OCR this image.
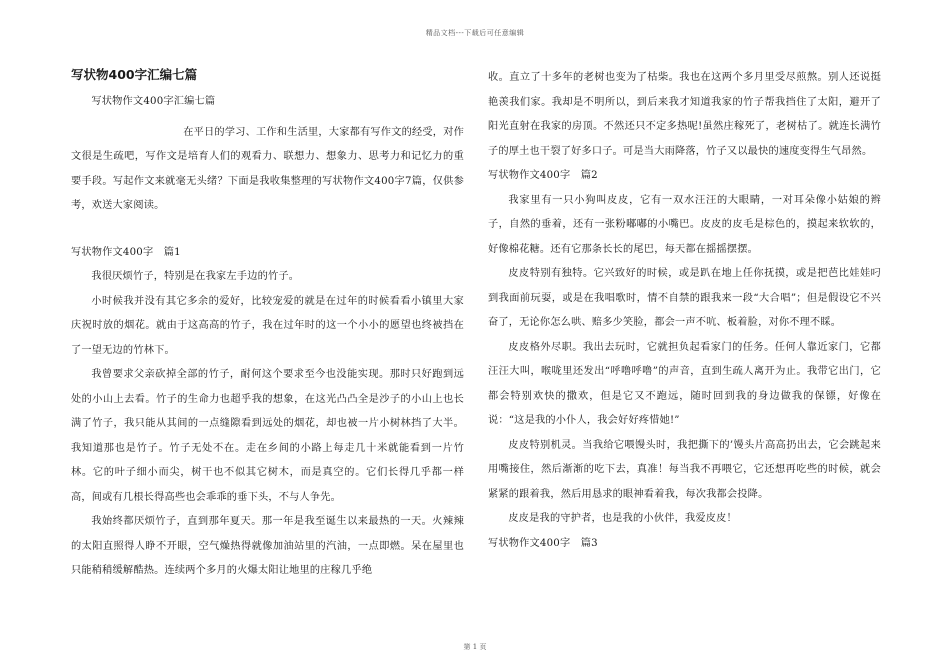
精品文档---下载后可任意编辑
写状物400字汇编七篇

写状物作文400字汇编七篇

在平日的学习、工作和生活里，大家都有写作文的经受，对作文很是生疏吧，写作文是培育人们的观看力、联想力、想象力、思考力和记忆力的重要手段。写起作文来就毫无头绪？下面是我收集整理的写状物作文400字7篇，仅供参考，欢送大家阅读。

写状物作文400字　篇1

我很厌烦竹子，特别是在我家左手边的竹子。

小时候我并没有其它多余的爱好，比较宠爱的就是在过年的时候看看小镇里大家庆祝时放的烟花。就由于这高高的竹子，我在过年时的这一个小小的愿望也终被挡在了一望无边的竹林下。

我曾要求父亲砍掉全部的竹子，耐何这个要求至今也没能实现。那时只好跑到远处的小山上去看。竹子的生命力也超乎我的想象，在这光凸凸全是沙子的小山上也长满了竹子，我只能从其间的一点缝隙看到远处的烟花，却也被一片小树林挡了大半。我知道那也是竹子。竹子无处不在。走在乡间的小路上每走几十米就能看到一片竹林。它的叶子细小而尖，树干也不似其它树木，而是真空的。它们长得几乎都一样高，间或有几根长得高些也会乖乖的垂下头，不与人争先。

我始终都厌烦竹子，直到那年夏天。那一年是我至诞生以来最热的一天。火辣辣的太阳直照得人睁不开眼，空气燥热得就像加油站里的汽油，一点即燃。呆在屋里也只能稍稍缓解酷热。连续两个多月的火爆太阳让地里的庄稼几乎绝

收。直立了十多年的老树也变为了枯柴。我也在这两个多月里受尽煎熬。别人还说挺艳羡我们家。我却是不明所以，到后来我才知道我家的竹子帮我挡住了太阳，避开了阳光直射在我家的房顶。不然还只不定多热呢!虽然庄稼死了，老树枯了。就连长满竹子的厚土也干裂了好多口子。可是当大雨降落，竹子又以最快的速度变得生气昂然。

写状物作文400字　篇2

我家里有一只小狗叫皮皮，它有一双水汪汪的大眼睛，一对耳朵像小姑娘的辫子，自然的垂着，还有一张粉嘟嘟的小嘴巴。皮皮的皮毛是棕色的，摸起来软软的，好像棉花糖。还有它那条长长的尾巴，每天都在摇摇摆摆。

皮皮特别有独特。它兴致好的时候，或是趴在地上任你抚摸，或是把芭比娃娃叼到我面前玩耍，或是在我唱歌时，情不自禁的跟我来一段“大合唱”；但是假设它不兴奋了，无论你怎么哄、赔多少笑脸，都会一声不吭、板着脸，对你不理不睬。

皮皮格外尽职。我出去玩时，它就担负起看家门的任务。任何人靠近家门，它都汪汪大叫，喉咙里还发出“呼噜呼噜”的声音，直到生疏人离开为止。我带它出门，它都会特别欢快的撒欢，但是它又不跑远，随时回到我的身边做我的保镖，好像在说：“这是我的小仆人，我会好好疼惜她!”

皮皮特别机灵。当我给它喂馒头时，我把撕下的’馒头片高高扔出去，它会跳起来用嘴接住，然后渐渐的吃下去，真准！每当我不再喂它，它还想再吃些的时候，就会紧紧的跟着我，然后用恳求的眼神看着我，每次我都会投降。

皮皮是我的守护者，也是我的小伙伴，我爱皮皮！

写状物作文400字　篇3

第 1 页
